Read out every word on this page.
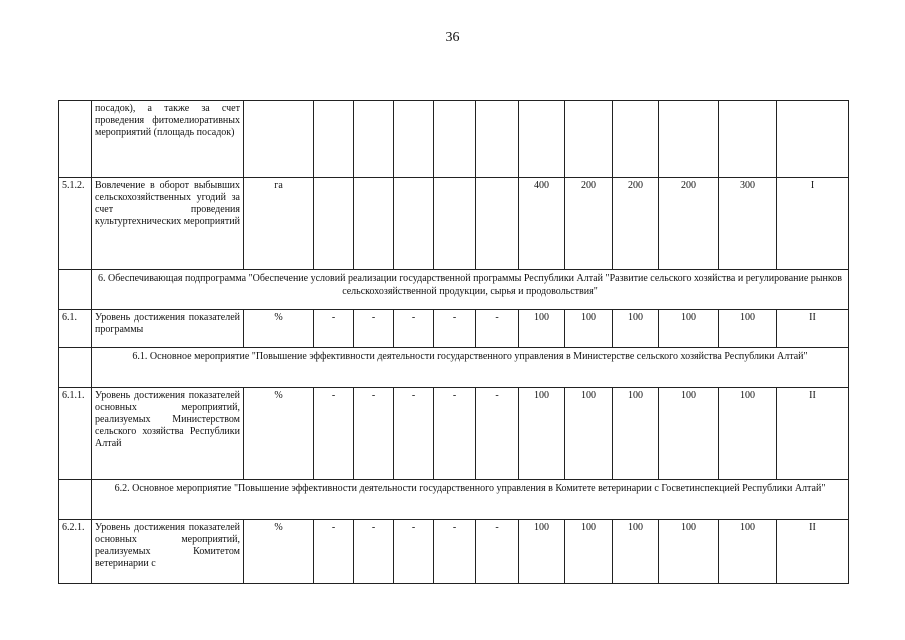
36
	посадок), а также за счет проведения фитомелиоративных мероприятий (площадь посадок)												
5.1.2.	Вовлечение в оборот выбывших сельскохозяйственных угодий за счет проведения культуртехнических мероприятий	га						400	200	200	200	300	I
	6. Обеспечивающая подпрограмма "Обеспечение условий реализации государственной программы Республики Алтай "Развитие сельского хозяйства и регулирование рынков сельскохозяйственной продукции, сырья и продовольствия"												
6.1.	Уровень достижения показателей программы	%	-	-	-	-	-	100	100	100	100	100	II
	6.1. Основное мероприятие "Повышение эффективности деятельности государственного управления в Министерстве сельского хозяйства Республики Алтай"												
6.1.1.	Уровень достижения показателей основных мероприятий, реализуемых Министерством сельского хозяйства Республики Алтай	%	-	-	-	-	-	100	100	100	100	100	II
	6.2. Основное мероприятие "Повышение эффективности деятельности государственного управления в Комитете ветеринарии с Госветинспекцией Республики Алтай"												
6.2.1.	Уровень достижения показателей основных мероприятий, реализуемых Комитетом ветеринарии с	%	-	-	-	-	-	100	100	100	100	100	II
